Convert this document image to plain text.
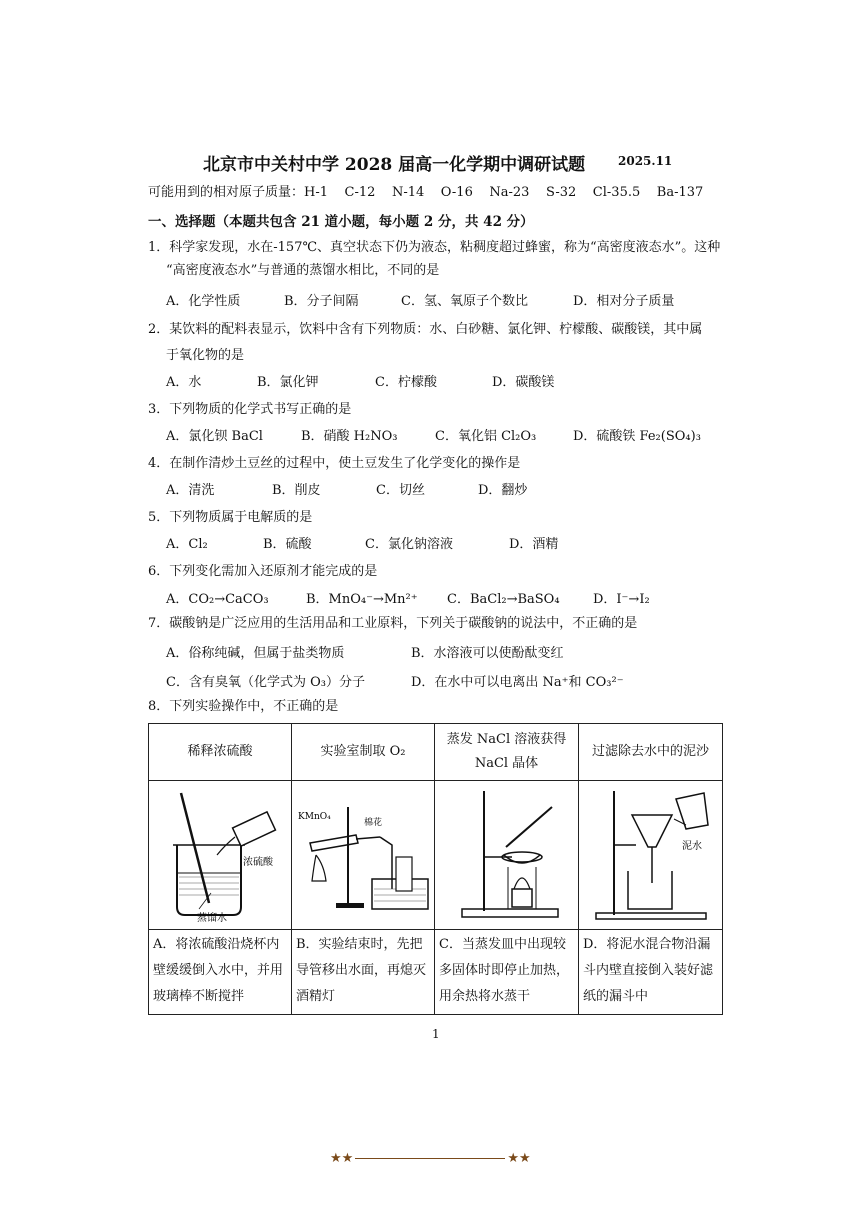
北京市中关村中学 2028 届高一化学期中调研试题	2025.11
可能用到的相对原子质量：H-1    C-12    N-14    O-16    Na-23    S-32    Cl-35.5    Ba-137
一、选择题（本题共包含 21 道小题，每小题 2 分，共 42 分）
1．科学家发现，水在-157℃、真空状态下仍为液态，粘稠度超过蜂蜜，称为“高密度液态水”。这种
“高密度液态水”与普通的蒸馏水相比，不同的是
A．化学性质	B．分子间隔	C．氢、氧原子个数比	D．相对分子质量
2．某饮料的配料表显示，饮料中含有下列物质：水、白砂糖、氯化钾、柠檬酸、碳酸镁，其中属
于氧化物的是
A．水	B．氯化钾	C．柠檬酸	D．碳酸镁
3．下列物质的化学式书写正确的是
A．氯化钡 BaCl	B．硝酸 H₂NO₃	C．氧化铝 Cl₂O₃	D．硫酸铁 Fe₂(SO₄)₃
4．在制作清炒土豆丝的过程中，使土豆发生了化学变化的操作是
A．清洗	B．削皮	C．切丝	D．翻炒
5．下列物质属于电解质的是
A．Cl₂	B．硫酸	C．氯化钠溶液	D．酒精
6．下列变化需加入还原剂才能完成的是
A．CO₂→CaCO₃	B．MnO₄⁻→Mn²⁺ C．BaCl₂→BaSO₄	D．I⁻→I₂
7．碳酸钠是广泛应用的生活用品和工业原料，下列关于碳酸钠的说法中，不正确的是
A．俗称纯碱，但属于盐类物质	B．水溶液可以使酚酞变红
C．含有臭氧（化学式为 O₃）分子	D．在水中可以电离出 Na⁺和 CO₃²⁻
8．下列实验操作中，不正确的是
稀释浓硫酸	实验室制取 O₂	蒸发 NaCl 溶液获得 NaCl 晶体	过滤除去水中的泥沙

浓硫酸
蒸馏水	KMnO₄
棉花		泥水

A．将浓硫酸沿烧杯内壁缓缓倒入水中，并用玻璃棒不断搅拌	B．实验结束时，先把导管移出水面，再熄灭酒精灯	C．当蒸发皿中出现较多固体时即停止加热，用余热将水蒸干	D．将泥水混合物沿漏斗内壁直接倒入装好滤纸的漏斗中
1
★★	★★
